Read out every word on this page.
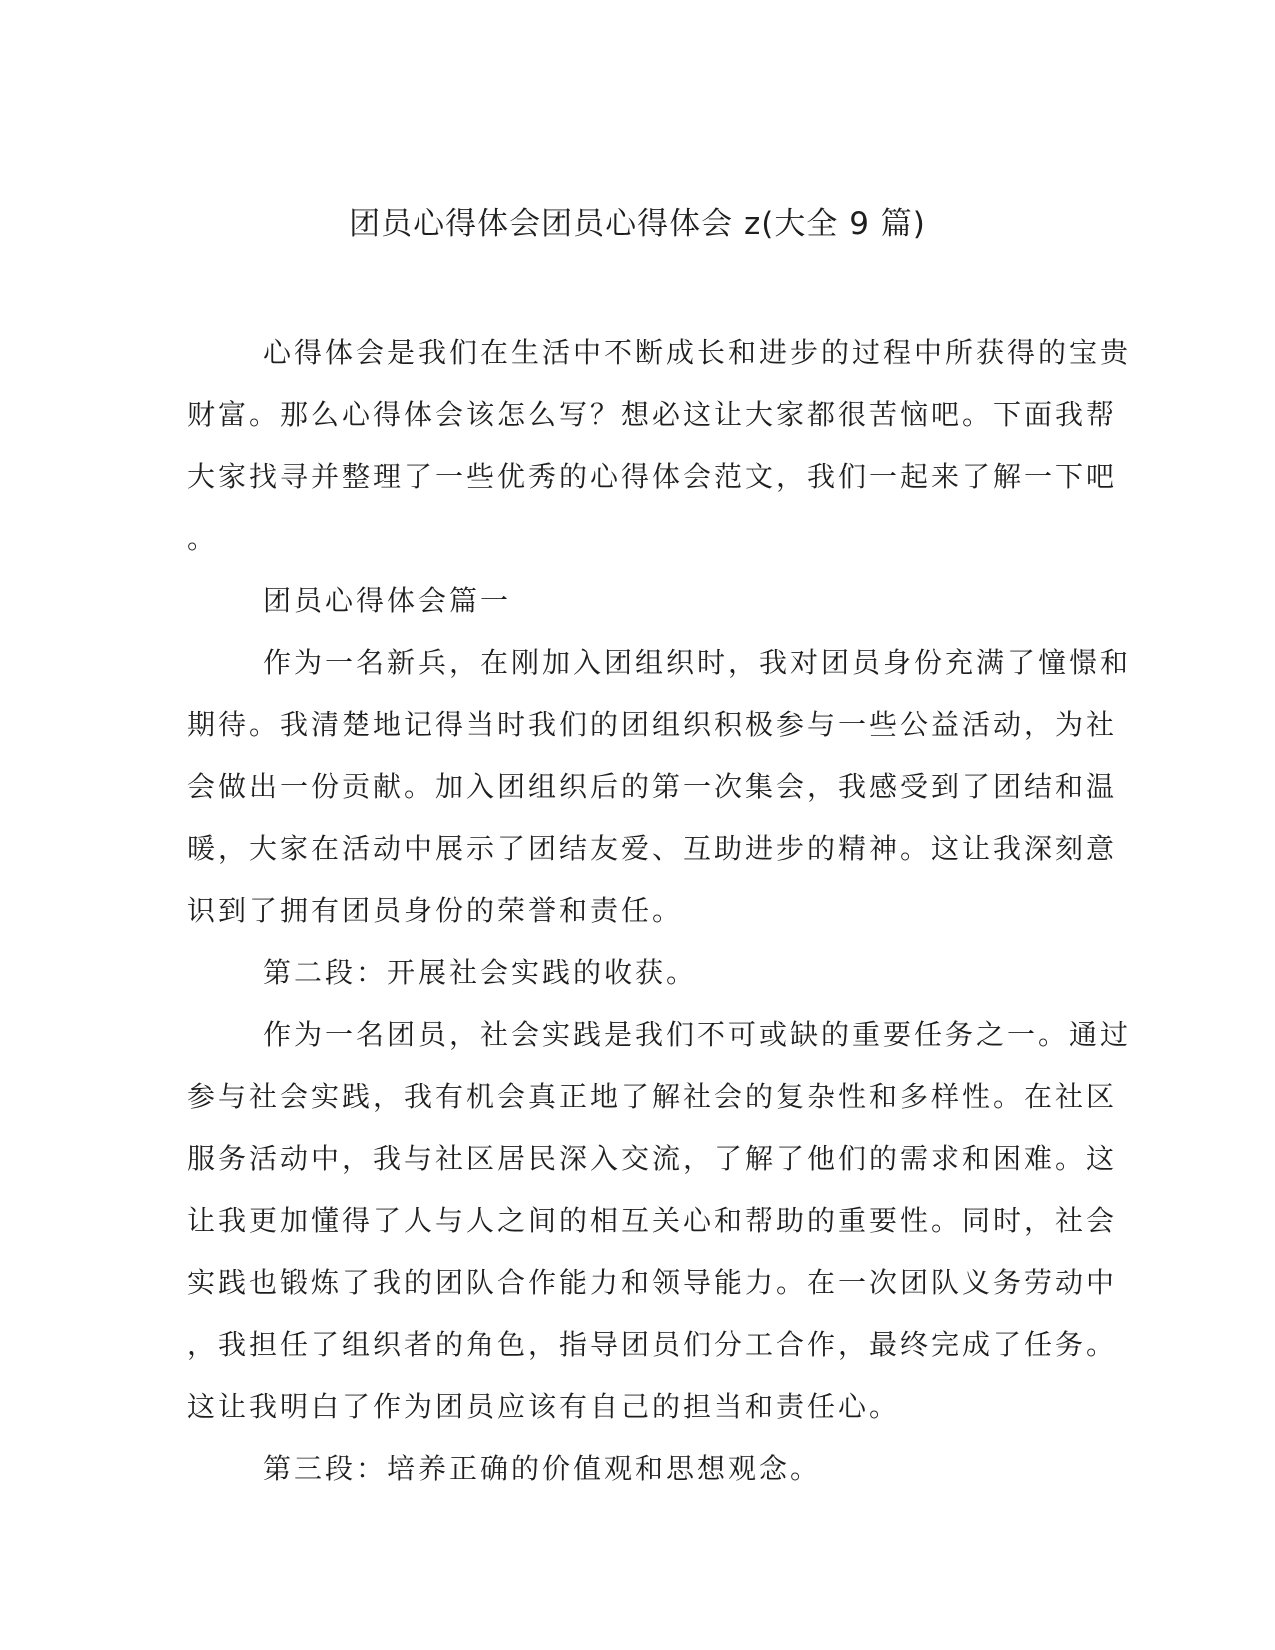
团员心得体会团员心得体会 z(大全 9 篇)
心得体会是我们在生活中不断成长和进步的过程中所获得的宝贵
财富。那么心得体会该怎么写？想必这让大家都很苦恼吧。下面我帮
大家找寻并整理了一些优秀的心得体会范文，我们一起来了解一下吧
。
团员心得体会篇一
作为一名新兵，在刚加入团组织时，我对团员身份充满了憧憬和
期待。我清楚地记得当时我们的团组织积极参与一些公益活动，为社
会做出一份贡献。加入团组织后的第一次集会，我感受到了团结和温
暖，大家在活动中展示了团结友爱、互助进步的精神。这让我深刻意
识到了拥有团员身份的荣誉和责任。
第二段：开展社会实践的收获。
作为一名团员，社会实践是我们不可或缺的重要任务之一。通过
参与社会实践，我有机会真正地了解社会的复杂性和多样性。在社区
服务活动中，我与社区居民深入交流，了解了他们的需求和困难。这
让我更加懂得了人与人之间的相互关心和帮助的重要性。同时，社会
实践也锻炼了我的团队合作能力和领导能力。在一次团队义务劳动中
，我担任了组织者的角色，指导团员们分工合作，最终完成了任务。
这让我明白了作为团员应该有自己的担当和责任心。
第三段：培养正确的价值观和思想观念。
